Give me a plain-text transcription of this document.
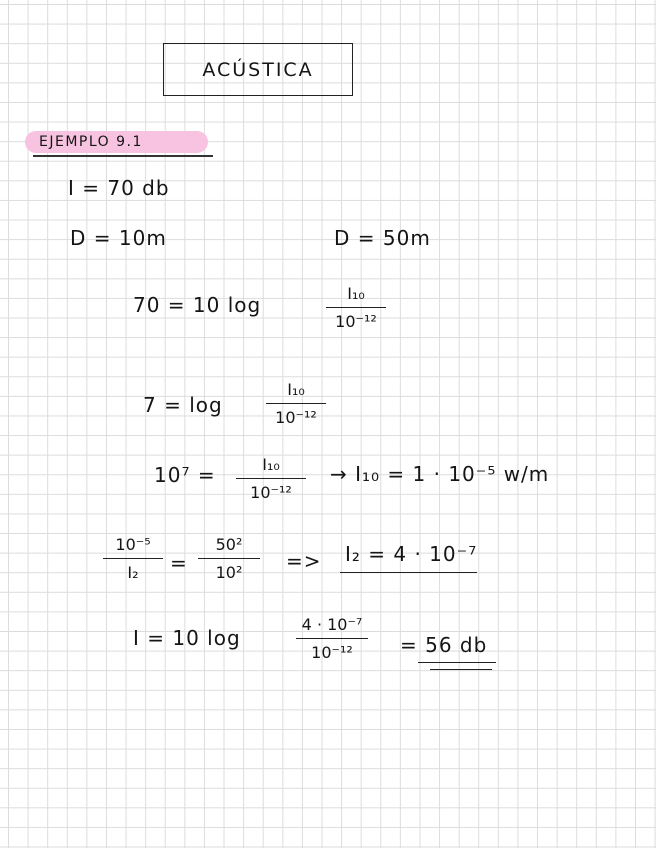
ACÚSTICA
EJEMPLO 9.1
I = 70 db
D = 10m	D = 50m
70 = 10 log	I₁₀
10⁻¹²
7 = log
I₁₀
10⁻¹²
10⁷ =	I₁₀
10⁻¹²
→ I₁₀ = 1 · 10⁻⁵ w/m
10⁻⁵
I₂	=
50²
10²	=> I₂ = 4 · 10⁻⁷
I = 10 log
4 · 10⁻⁷
10⁻¹²	= 56 db
